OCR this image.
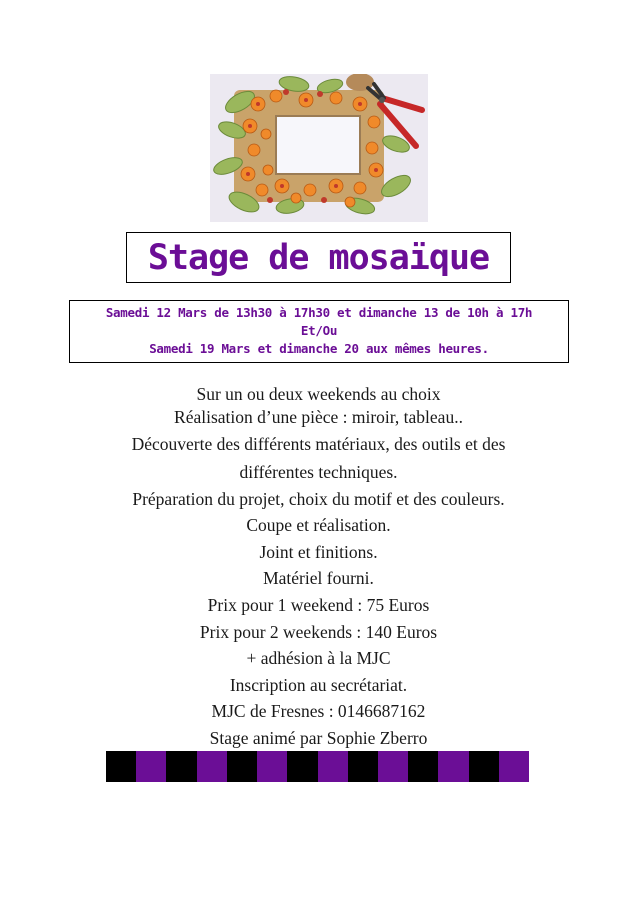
Stage de mosaïque
Samedi 12 Mars de 13h30 à 17h30 et dimanche 13 de 10h à 17h
Et/Ou
Samedi 19 Mars et dimanche 20 aux mêmes heures.
Sur un ou deux weekends au choix
Réalisation d’une pièce : miroir, tableau..
Découverte des différents matériaux, des outils et des
différentes techniques.
Préparation du projet, choix du motif et des couleurs.
Coupe et réalisation.
Joint et finitions.
Matériel fourni.
Prix pour 1 weekend : 75 Euros
Prix pour 2 weekends : 140 Euros
+ adhésion à la MJC
Inscription au secrétariat.
MJC de Fresnes : 0146687162
Stage animé par Sophie Zberro
